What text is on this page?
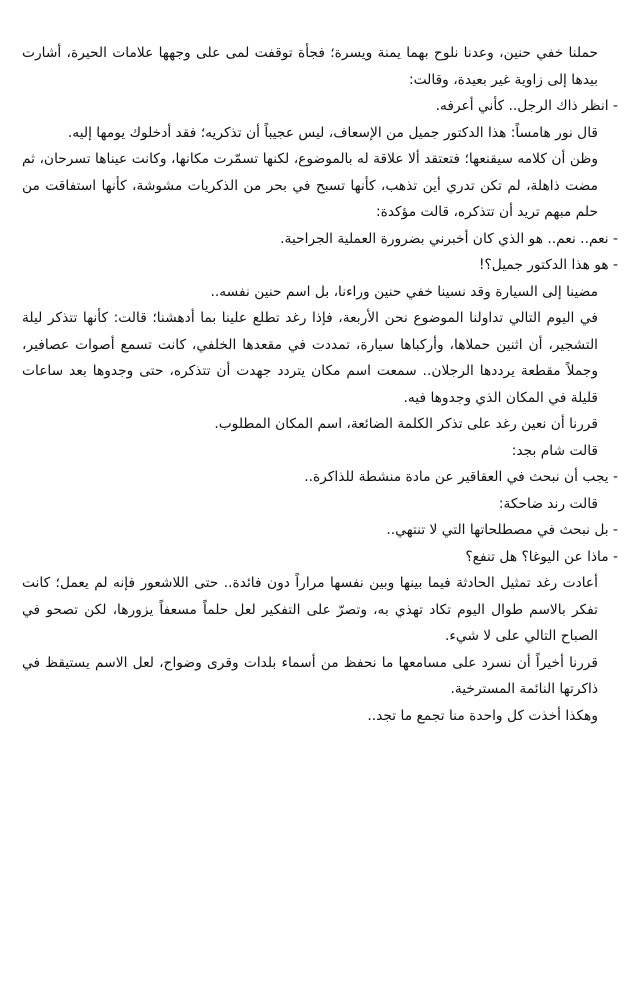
حملنا خفي حنين، وعدنا نلوح بهما يمنة ويسرة؛ فجأة توقفت لمى على وجهها علامات الحيرة، أشارت بيدها إلى زاوية غير بعيدة، وقالت:

- انظر ذاك الرجل.. كأني أعرفه.

قال نور هامساً: هذا الدكتور جميل من الإسعاف، ليس عجيباً أن تذكريه؛ فقد أدخلوك يومها إليه.

وظن أن كلامه سيقنعها؛ فتعتقد ألا علاقة له بالموضوع، لكنها تسمّرت مكانها، وكانت عيناها تسرحان، ثم مضت ذاهلة، لم تكن تدري أين تذهب، كأنها تسبح في بحر من الذكريات مشوشة، كأنها استفاقت من حلم مبهم تريد أن تتذكره، قالت مؤكدة:

- نعم.. نعم.. هو الذي كان أخبرني بضرورة العملية الجراحية.

- هو هذا الدكتور جميل؟!

مضينا إلى السيارة وقد نسينا خفي حنين وراءنا، بل اسم حنين نفسه..

في اليوم التالي تداولنا الموضوع نحن الأربعة، فإذا رغد تطلع علينا بما أدهشنا؛ قالت: كأنها تتذكر ليلة التشجير، أن اثنين حملاها، وأركباها سيارة، تمددت في مقعدها الخلفي، كانت تسمع أصوات عصافير، وجملاً مقطعة يرددها الرجلان.. سمعت اسم مكان يتردد جهدت أن تتذكره، حتى وجدوها بعد ساعات قليلة في المكان الذي وجدوها فيه.

قررنا أن نعين رغد على تذكر الكلمة الضائعة، اسم المكان المطلوب.

قالت شام بجد:

- يجب أن نبحث في العقاقير عن مادة منشطة للذاكرة..

قالت رند ضاحكة:

- بل نبحث في مصطلحاتها التي لا تنتهي..

- ماذا عن اليوغا؟ هل تنفع؟

أعادت رغد تمثيل الحادثة فيما بينها وبين نفسها مراراً دون فائدة.. حتى اللاشعور فإنه لم يعمل؛ كانت تفكر بالاسم طوال اليوم تكاد تهذي به، وتصرّ على التفكير لعل حلماً مسعفاً يزورها، لكن تصحو في الصباح التالي على لا شيء.

قررنا أخيراً أن نسرد على مسامعها ما نحفظ من أسماء بلدات وقرى وضواح، لعل الاسم يستيقظ في ذاكرتها النائمة المسترخية.

وهكذا أخذت كل واحدة منا تجمع ما تجد..
